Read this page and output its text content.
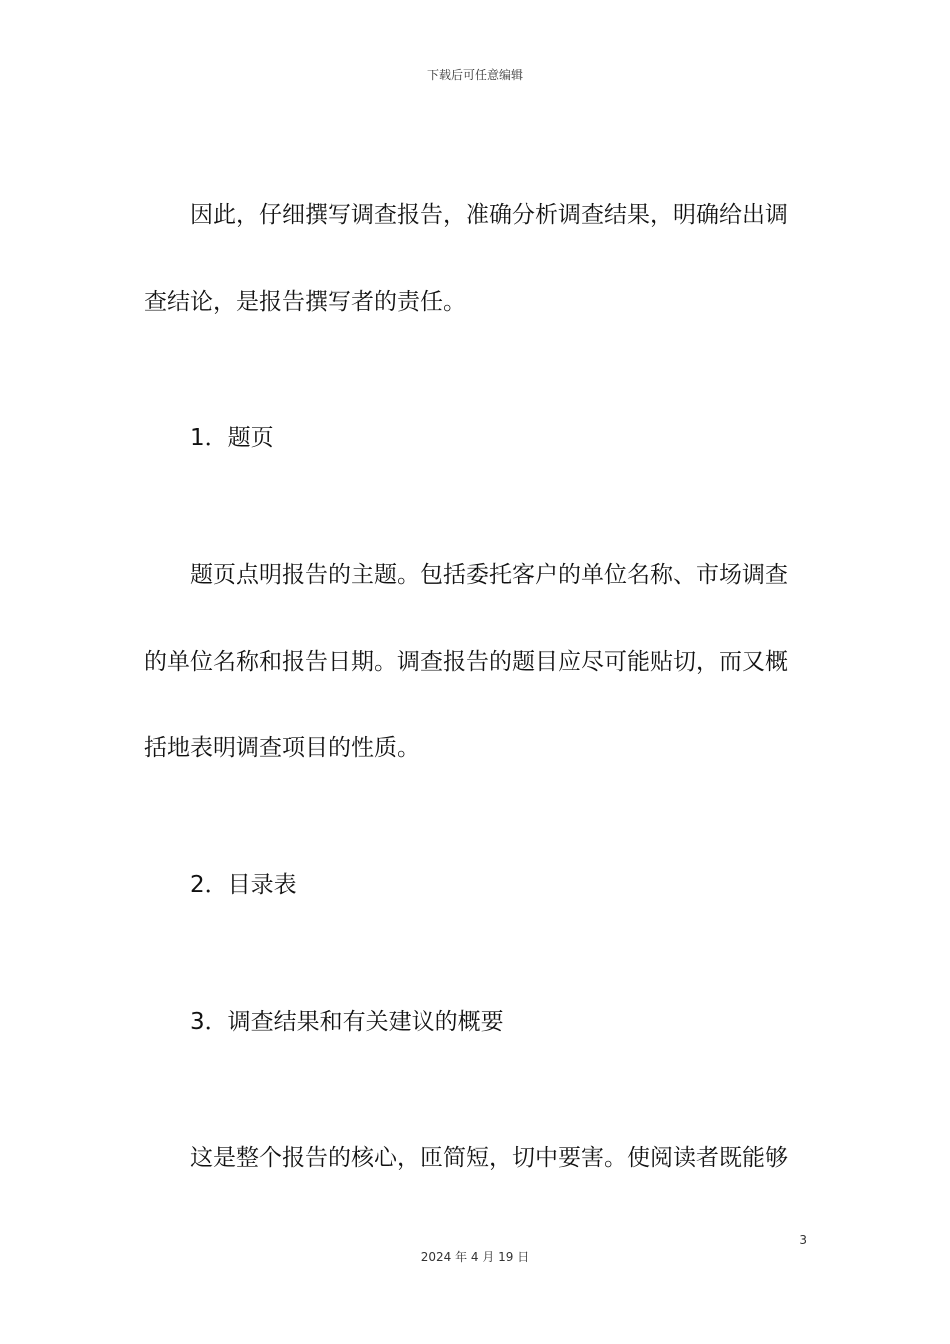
下载后可任意编辑
因此，仔细撰写调查报告，准确分析调查结果，明确给出调
查结论，是报告撰写者的责任。
1．题页
题页点明报告的主题。包括委托客户的单位名称、市场调查
的单位名称和报告日期。调查报告的题目应尽可能贴切，而又概
括地表明调查项目的性质。
2．目录表
3．调查结果和有关建议的概要
这是整个报告的核心，匝简短，切中要害。使阅读者既能够
3
2024 年 4 月 19 日
